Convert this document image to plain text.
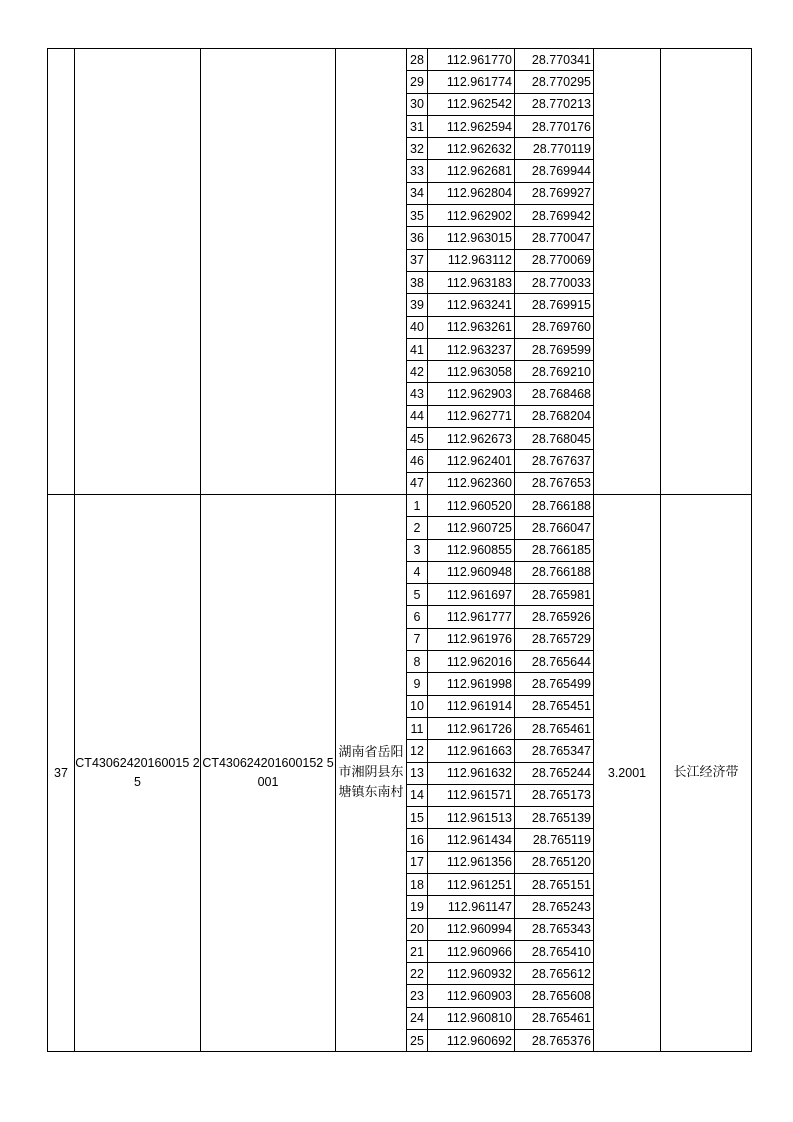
				28	112.961770	28.770341		
				29	112.961774	28.770295		
				30	112.962542	28.770213		
				31	112.962594	28.770176		
				32	112.962632	28.770119		
				33	112.962681	28.769944		
				34	112.962804	28.769927		
				35	112.962902	28.769942		
				36	112.963015	28.770047		
				37	112.963112	28.770069		
				38	112.963183	28.770033		
				39	112.963241	28.769915		
				40	112.963261	28.769760		
				41	112.963237	28.769599		
				42	112.963058	28.769210		
				43	112.962903	28.768468		
				44	112.962771	28.768204		
				45	112.962673	28.768045		
				46	112.962401	28.767637		
				47	112.962360	28.767653		
37	CT43062420160015 25	CT430624201600152 5001	湖南省岳阳市湘阴县东塘镇东南村	1	112.960520	28.766188	3.2001	长江经济带
				2	112.960725	28.766047		
				3	112.960855	28.766185		
				4	112.960948	28.766188		
				5	112.961697	28.765981		
				6	112.961777	28.765926		
				7	112.961976	28.765729		
				8	112.962016	28.765644		
				9	112.961998	28.765499		
				10	112.961914	28.765451		
				11	112.961726	28.765461		
				12	112.961663	28.765347		
				13	112.961632	28.765244		
				14	112.961571	28.765173		
				15	112.961513	28.765139		
				16	112.961434	28.765119		
				17	112.961356	28.765120		
				18	112.961251	28.765151		
				19	112.961147	28.765243		
				20	112.960994	28.765343		
				21	112.960966	28.765410		
				22	112.960932	28.765612		
				23	112.960903	28.765608		
				24	112.960810	28.765461		
				25	112.960692	28.765376		
